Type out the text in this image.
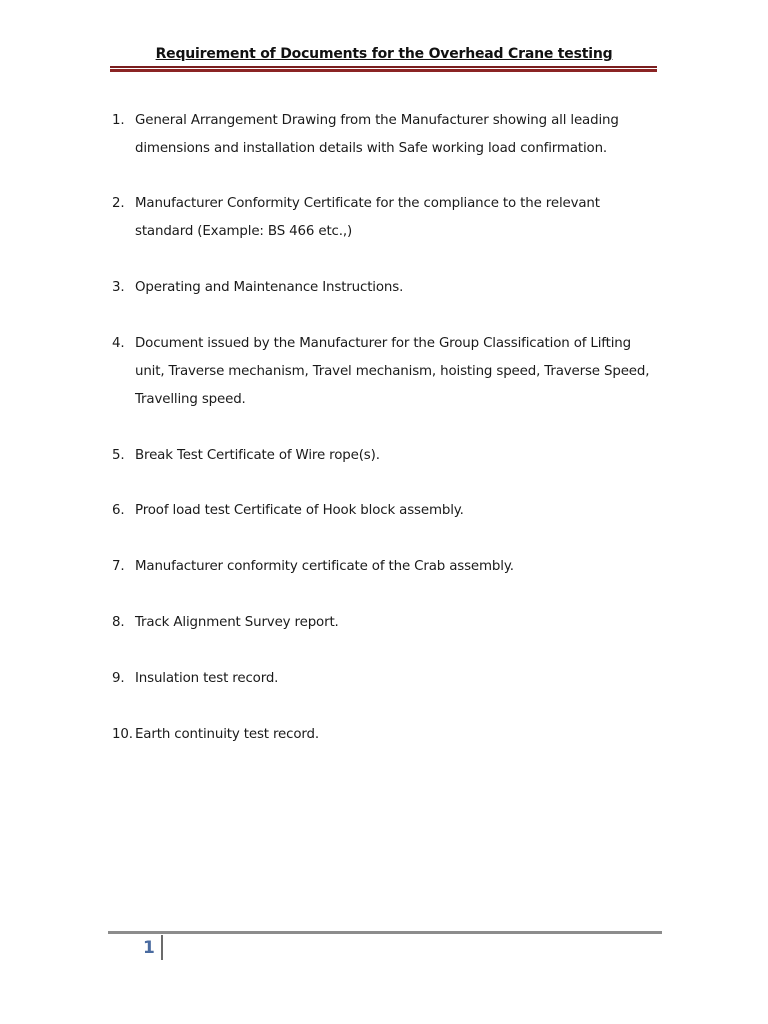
Requirement of Documents for the Overhead Crane testing
1. General Arrangement Drawing from the Manufacturer showing all leading dimensions and installation details with Safe working load confirmation.
2. Manufacturer Conformity Certificate for the compliance to the relevant standard (Example: BS 466 etc.,)
3. Operating and Maintenance Instructions.
4. Document issued by the Manufacturer for the Group Classification of Lifting unit, Traverse mechanism, Travel mechanism, hoisting speed, Traverse Speed, Travelling speed.
5. Break Test Certificate of Wire rope(s).
6. Proof load test Certificate of Hook block assembly.
7. Manufacturer conformity certificate of the Crab assembly.
8. Track Alignment Survey report.
9. Insulation test record.
10. Earth continuity test record.
1
